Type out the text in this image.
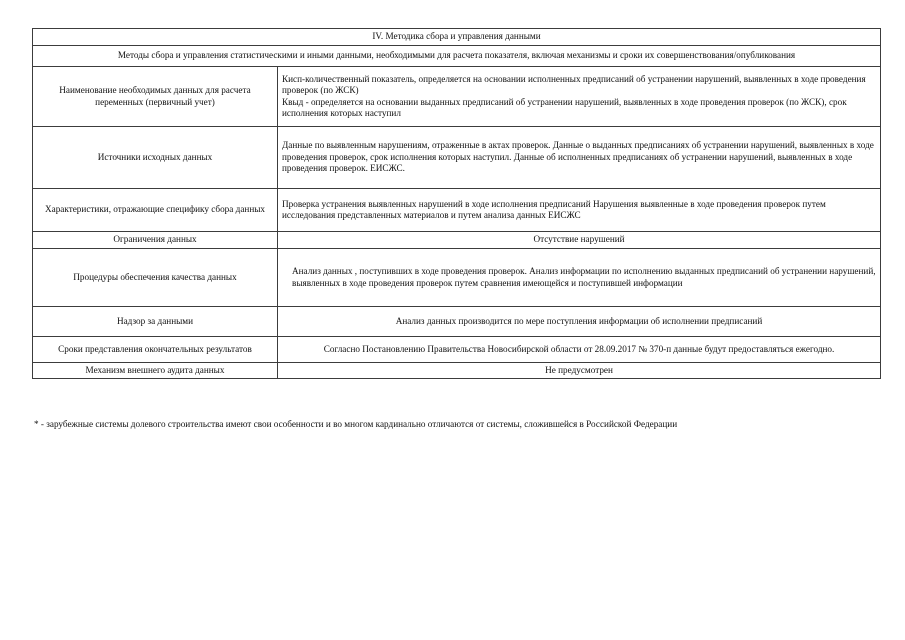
IV. Методика сбора и управления данными	
Методы сбора и управления статистическими и иными данными, необходимыми для расчета показателя, включая механизмы и сроки их совершенствования/опубликования	
Наименование необходимых данных для расчета переменных (первичный учет)	Кисп-количественный показатель, определяется на основании исполненных предписаний об устранении нарушений, выявленных в ходе проведения проверок (по ЖСК)
Квыд - определяется на основании выданных предписаний об устранении нарушений, выявленных в ходе проведения проверок (по ЖСК), срок исполнения которых наступил

Источники исходных данных	Данные по выявленным нарушениям, отраженные в актах проверок. Данные о выданных предписаниях об устранении нарушений, выявленных в ходе проведения проверок, срок исполнения которых наступил. Данные об исполненных предписаниях об устранении нарушений, выявленных в ходе проведения проверок. ЕИСЖС.
Характеристики, отражающие специфику сбора данных	Проверка устранения выявленных нарушений в ходе исполнения предписаний Нарушения выявленные в ходе проведения проверок путем исследования представленных материалов и путем анализа данных ЕИСЖС
Ограничения данных	Отсутствие нарушений
Процедуры обеспечения качества данных	Анализ данных , поступивших в ходе проведения проверок. Анализ информации по исполнению выданных предписаний об устранении нарушений, выявленных в ходе проведения проверок путем сравнения имеющейся и поступившей информации
Надзор за данными	Анализ данных производится по мере поступления информации об исполнении предписаний
Сроки представления окончательных результатов	Согласно Постановлению Правительства Новосибирской области от 28.09.2017 № 370-п данные будут предоставляться ежегодно.
Механизм внешнего аудита данных	Не предусмотрен
* - зарубежные системы долевого строительства имеют свои особенности и во многом кардинально отличаются от системы, сложившейся в Российской Федерации
